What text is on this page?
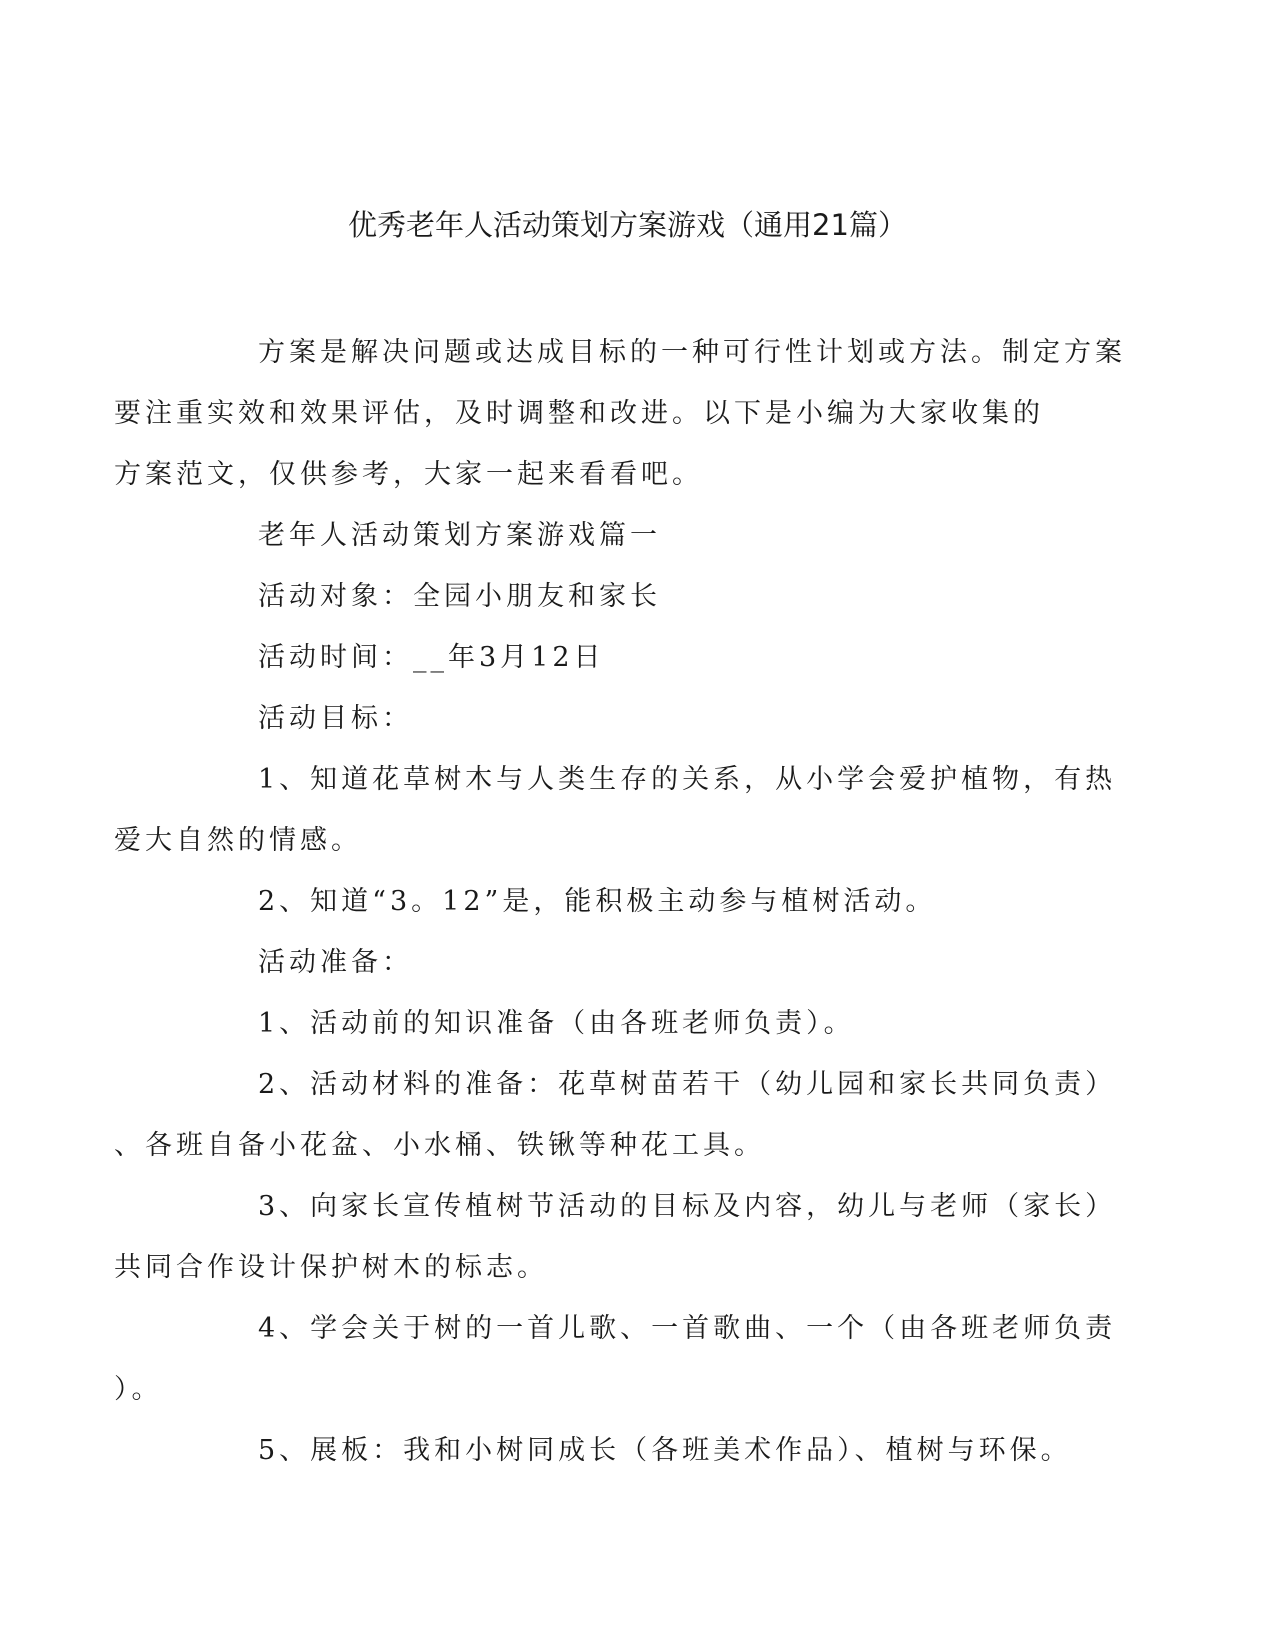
优秀老年人活动策划方案游戏（通用21篇）

方案是解决问题或达成目标的一种可行性计划或方法。制定方案
要注重实效和效果评估，及时调整和改进。以下是小编为大家收集的
方案范文，仅供参考，大家一起来看看吧。

老年人活动策划方案游戏篇一

活动对象：全园小朋友和家长

活动时间：__年3月12日

活动目标：

1、知道花草树木与人类生存的关系，从小学会爱护植物，有热
爱大自然的情感。

2、知道“3。12”是，能积极主动参与植树活动。

活动准备：

1、活动前的知识准备（由各班老师负责）。

2、活动材料的准备：花草树苗若干（幼儿园和家长共同负责）
、各班自备小花盆、小水桶、铁锹等种花工具。

3、向家长宣传植树节活动的目标及内容，幼儿与老师（家长）
共同合作设计保护树木的标志。

4、学会关于树的一首儿歌、一首歌曲、一个（由各班老师负责
）。

5、展板：我和小树同成长（各班美术作品）、植树与环保。
